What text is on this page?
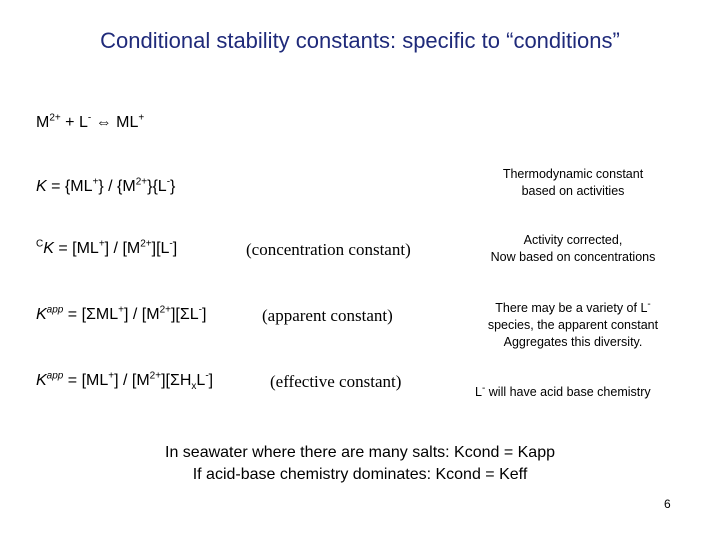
Conditional stability constants: specific to “conditions”
$M^{2+} + L^-$ ⇔ ML+
$K = \{ML^+\} / \{M^{2+}\}\{L^-\}$
Thermodynamic constant
based on activities
$^CK = [ML^+] / [M^{2+}][L^-]$	(concentration constant)	Activity corrected,
Now based on concentrations
$K^{app} = [\Sigma ML^+] / [M^{2+}][\Sigma L^-]$	(apparent constant)	There may be a variety of L-
species, the apparent constant
Aggregates this diversity.
$K^{app} = [ML^+] / [M^{2+}][\Sigma H_xL^-]$	(effective constant)
L- will have acid base chemistry
In seawater where there are many salts: Kcond = Kapp
If acid-base chemistry dominates: Kcond = Keff
6
